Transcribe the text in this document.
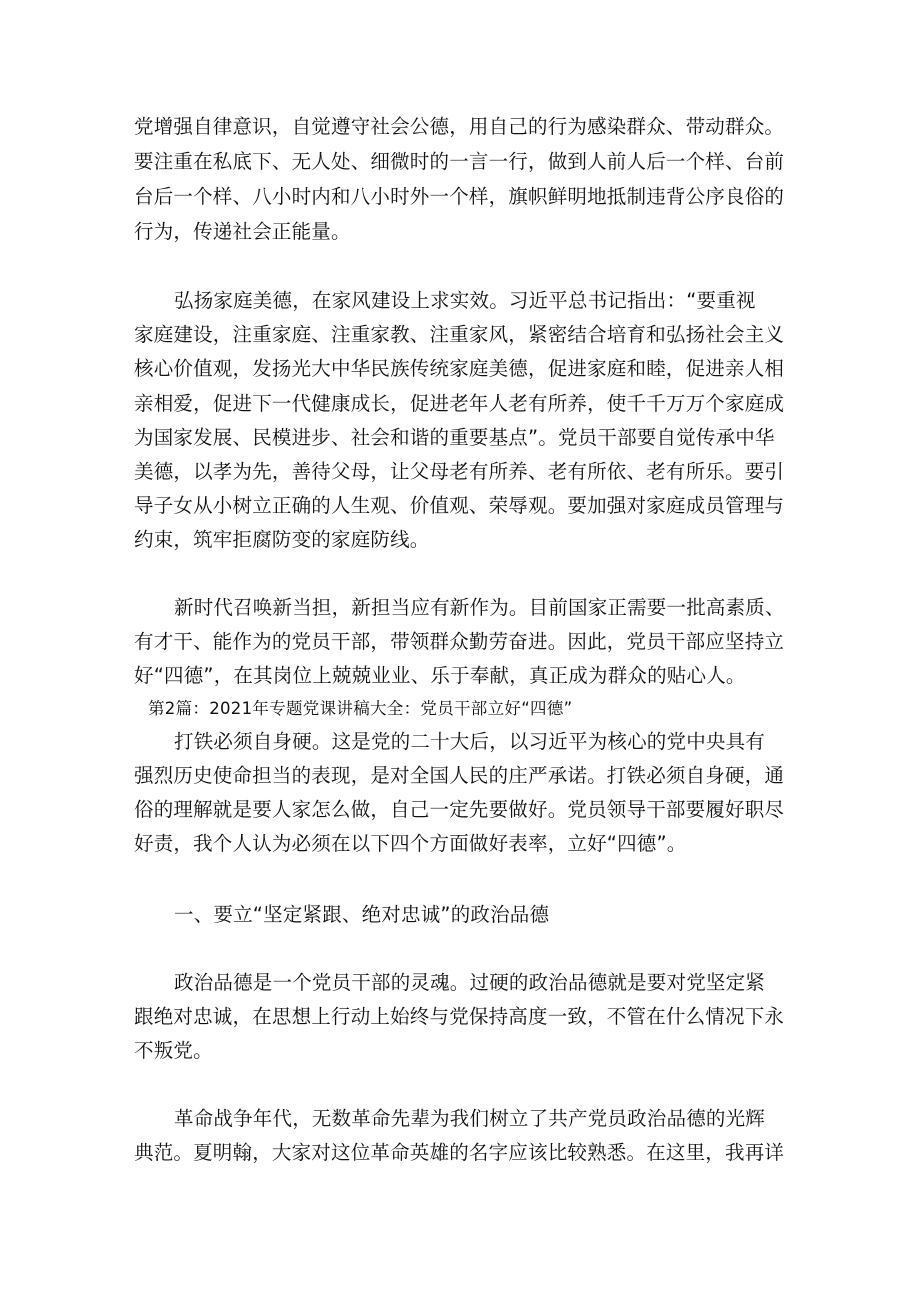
党增强自律意识，自觉遵守社会公德，用自己的行为感染群众、带动群众。
要注重在私底下、无人处、细微时的一言一行，做到人前人后一个样、台前
台后一个样、八小时内和八小时外一个样，旗帜鲜明地抵制违背公序良俗的
行为，传递社会正能量。
弘扬家庭美德，在家风建设上求实效。习近平总书记指出：“要重视
家庭建设，注重家庭、注重家教、注重家风，紧密结合培育和弘扬社会主义
核心价值观，发扬光大中华民族传统家庭美德，促进家庭和睦，促进亲人相
亲相爱，促进下一代健康成长，促进老年人老有所养，使千千万万个家庭成
为国家发展、民模进步、社会和谐的重要基点”。党员干部要自觉传承中华
美德，以孝为先，善待父母，让父母老有所养、老有所依、老有所乐。要引
导子女从小树立正确的人生观、价值观、荣辱观。要加强对家庭成员管理与
约束，筑牢拒腐防变的家庭防线。
新时代召唤新当担，新担当应有新作为。目前国家正需要一批高素质、
有才干、能作为的党员干部，带领群众勤劳奋进。因此，党员干部应坚持立
好“四德”，在其岗位上兢兢业业、乐于奉献，真正成为群众的贴心人。
第2篇：2021年专题党课讲稿大全：党员干部立好“四德”
打铁必须自身硬。这是党的二十大后，以习近平为核心的党中央具有
强烈历史使命担当的表现，是对全国人民的庄严承诺。打铁必须自身硬，通
俗的理解就是要人家怎么做，自己一定先要做好。党员领导干部要履好职尽
好责，我个人认为必须在以下四个方面做好表率，立好“四德”。
一、要立“坚定紧跟、绝对忠诚”的政治品德
政治品德是一个党员干部的灵魂。过硬的政治品德就是要对党坚定紧
跟绝对忠诚，在思想上行动上始终与党保持高度一致，不管在什么情况下永
不叛党。
革命战争年代，无数革命先辈为我们树立了共产党员政治品德的光辉
典范。夏明翰，大家对这位革命英雄的名字应该比较熟悉。在这里，我再详
